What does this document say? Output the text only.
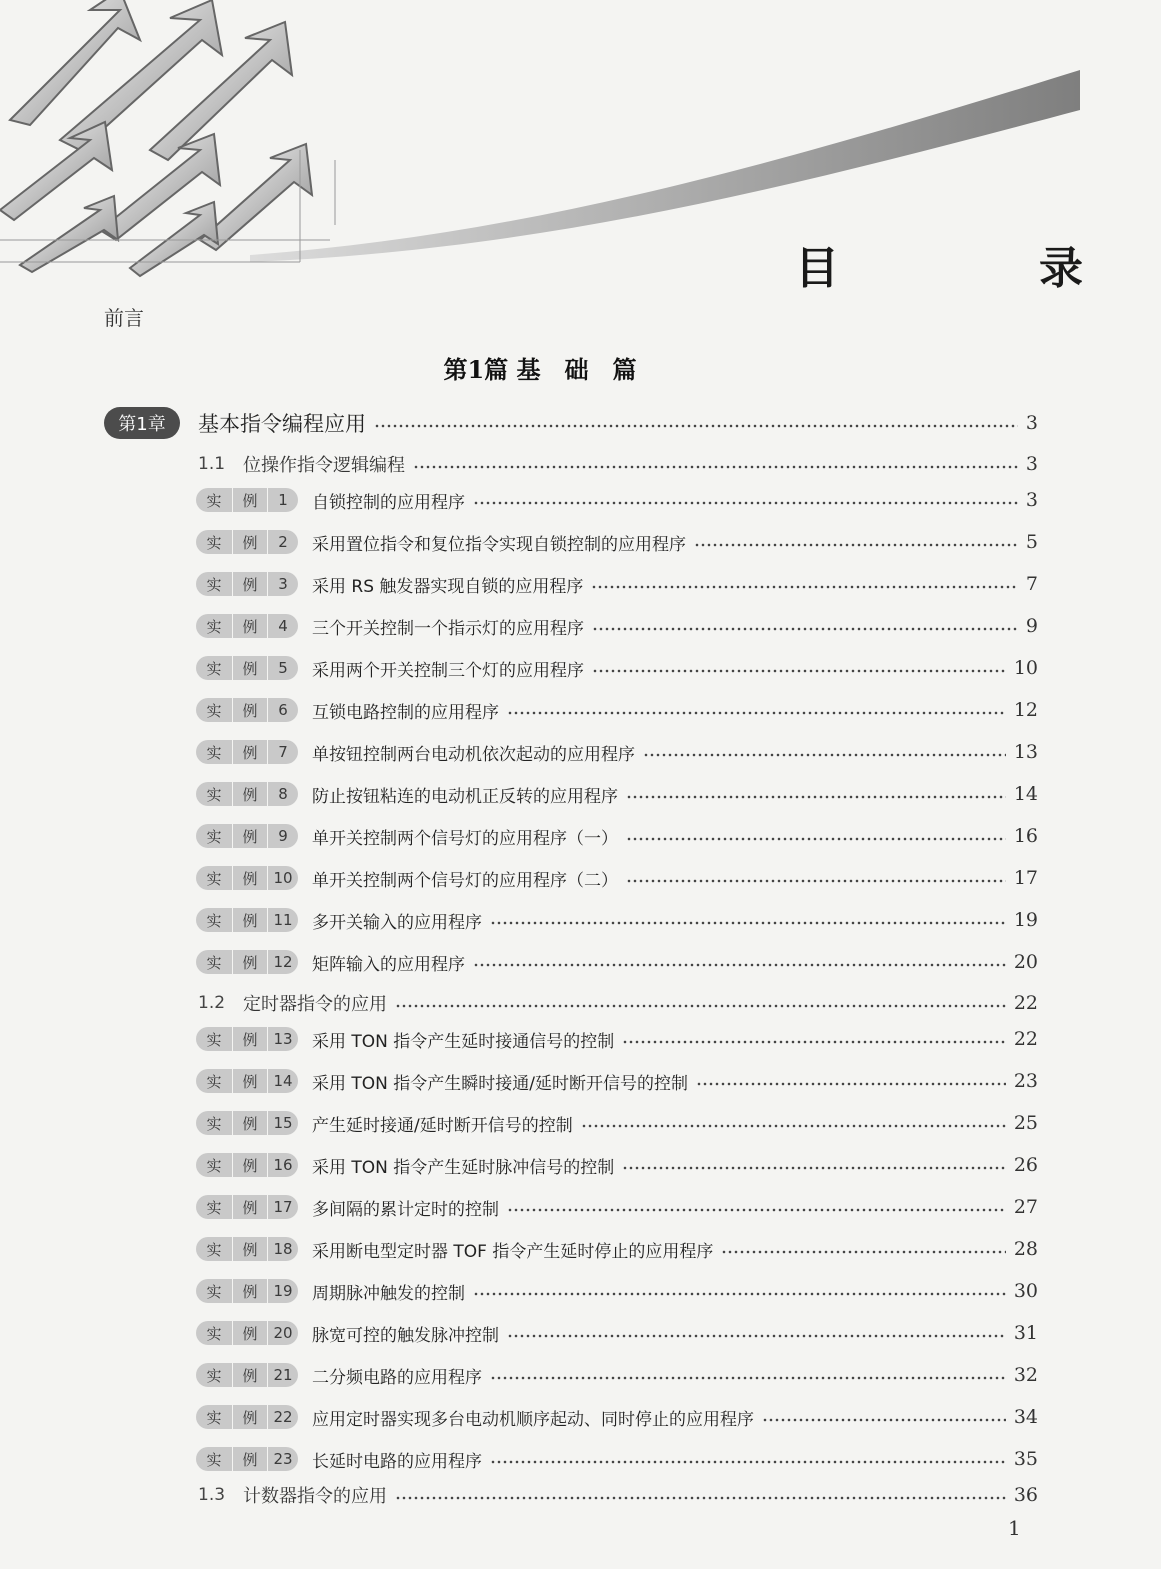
目　录
前言
第1篇 基　础　篇
第1章	基本指令编程应用	3
1.1 位操作指令逻辑编程	3
实	例	1	自锁控制的应用程序	3
实	例	2	采用置位指令和复位指令实现自锁控制的应用程序	5
实	例	3	采用 RS 触发器实现自锁的应用程序	7
实	例	4	三个开关控制一个指示灯的应用程序	9
实	例	5	采用两个开关控制三个灯的应用程序	10
实	例	6	互锁电路控制的应用程序	12
实	例	7	单按钮控制两台电动机依次起动的应用程序	13
实	例	8	防止按钮粘连的电动机正反转的应用程序	14
实	例	9	单开关控制两个信号灯的应用程序（一）	16
实	例	10	单开关控制两个信号灯的应用程序（二）	17
实	例	11	多开关输入的应用程序	19
实	例	12	矩阵输入的应用程序	20
1.2 定时器指令的应用	22
实	例	13	采用 TON 指令产生延时接通信号的控制	22
实	例	14	采用 TON 指令产生瞬时接通/延时断开信号的控制	23
实	例	15	产生延时接通/延时断开信号的控制	25
实	例	16	采用 TON 指令产生延时脉冲信号的控制	26
实	例	17	多间隔的累计定时的控制	27
实	例	18	采用断电型定时器 TOF 指令产生延时停止的应用程序	28
实	例	19	周期脉冲触发的控制	30
实	例	20	脉宽可控的触发脉冲控制	31
实	例	21	二分频电路的应用程序	32
实	例	22	应用定时器实现多台电动机顺序起动、同时停止的应用程序	34
实	例	23	长延时电路的应用程序	35
1.3 计数器指令的应用	36
1
